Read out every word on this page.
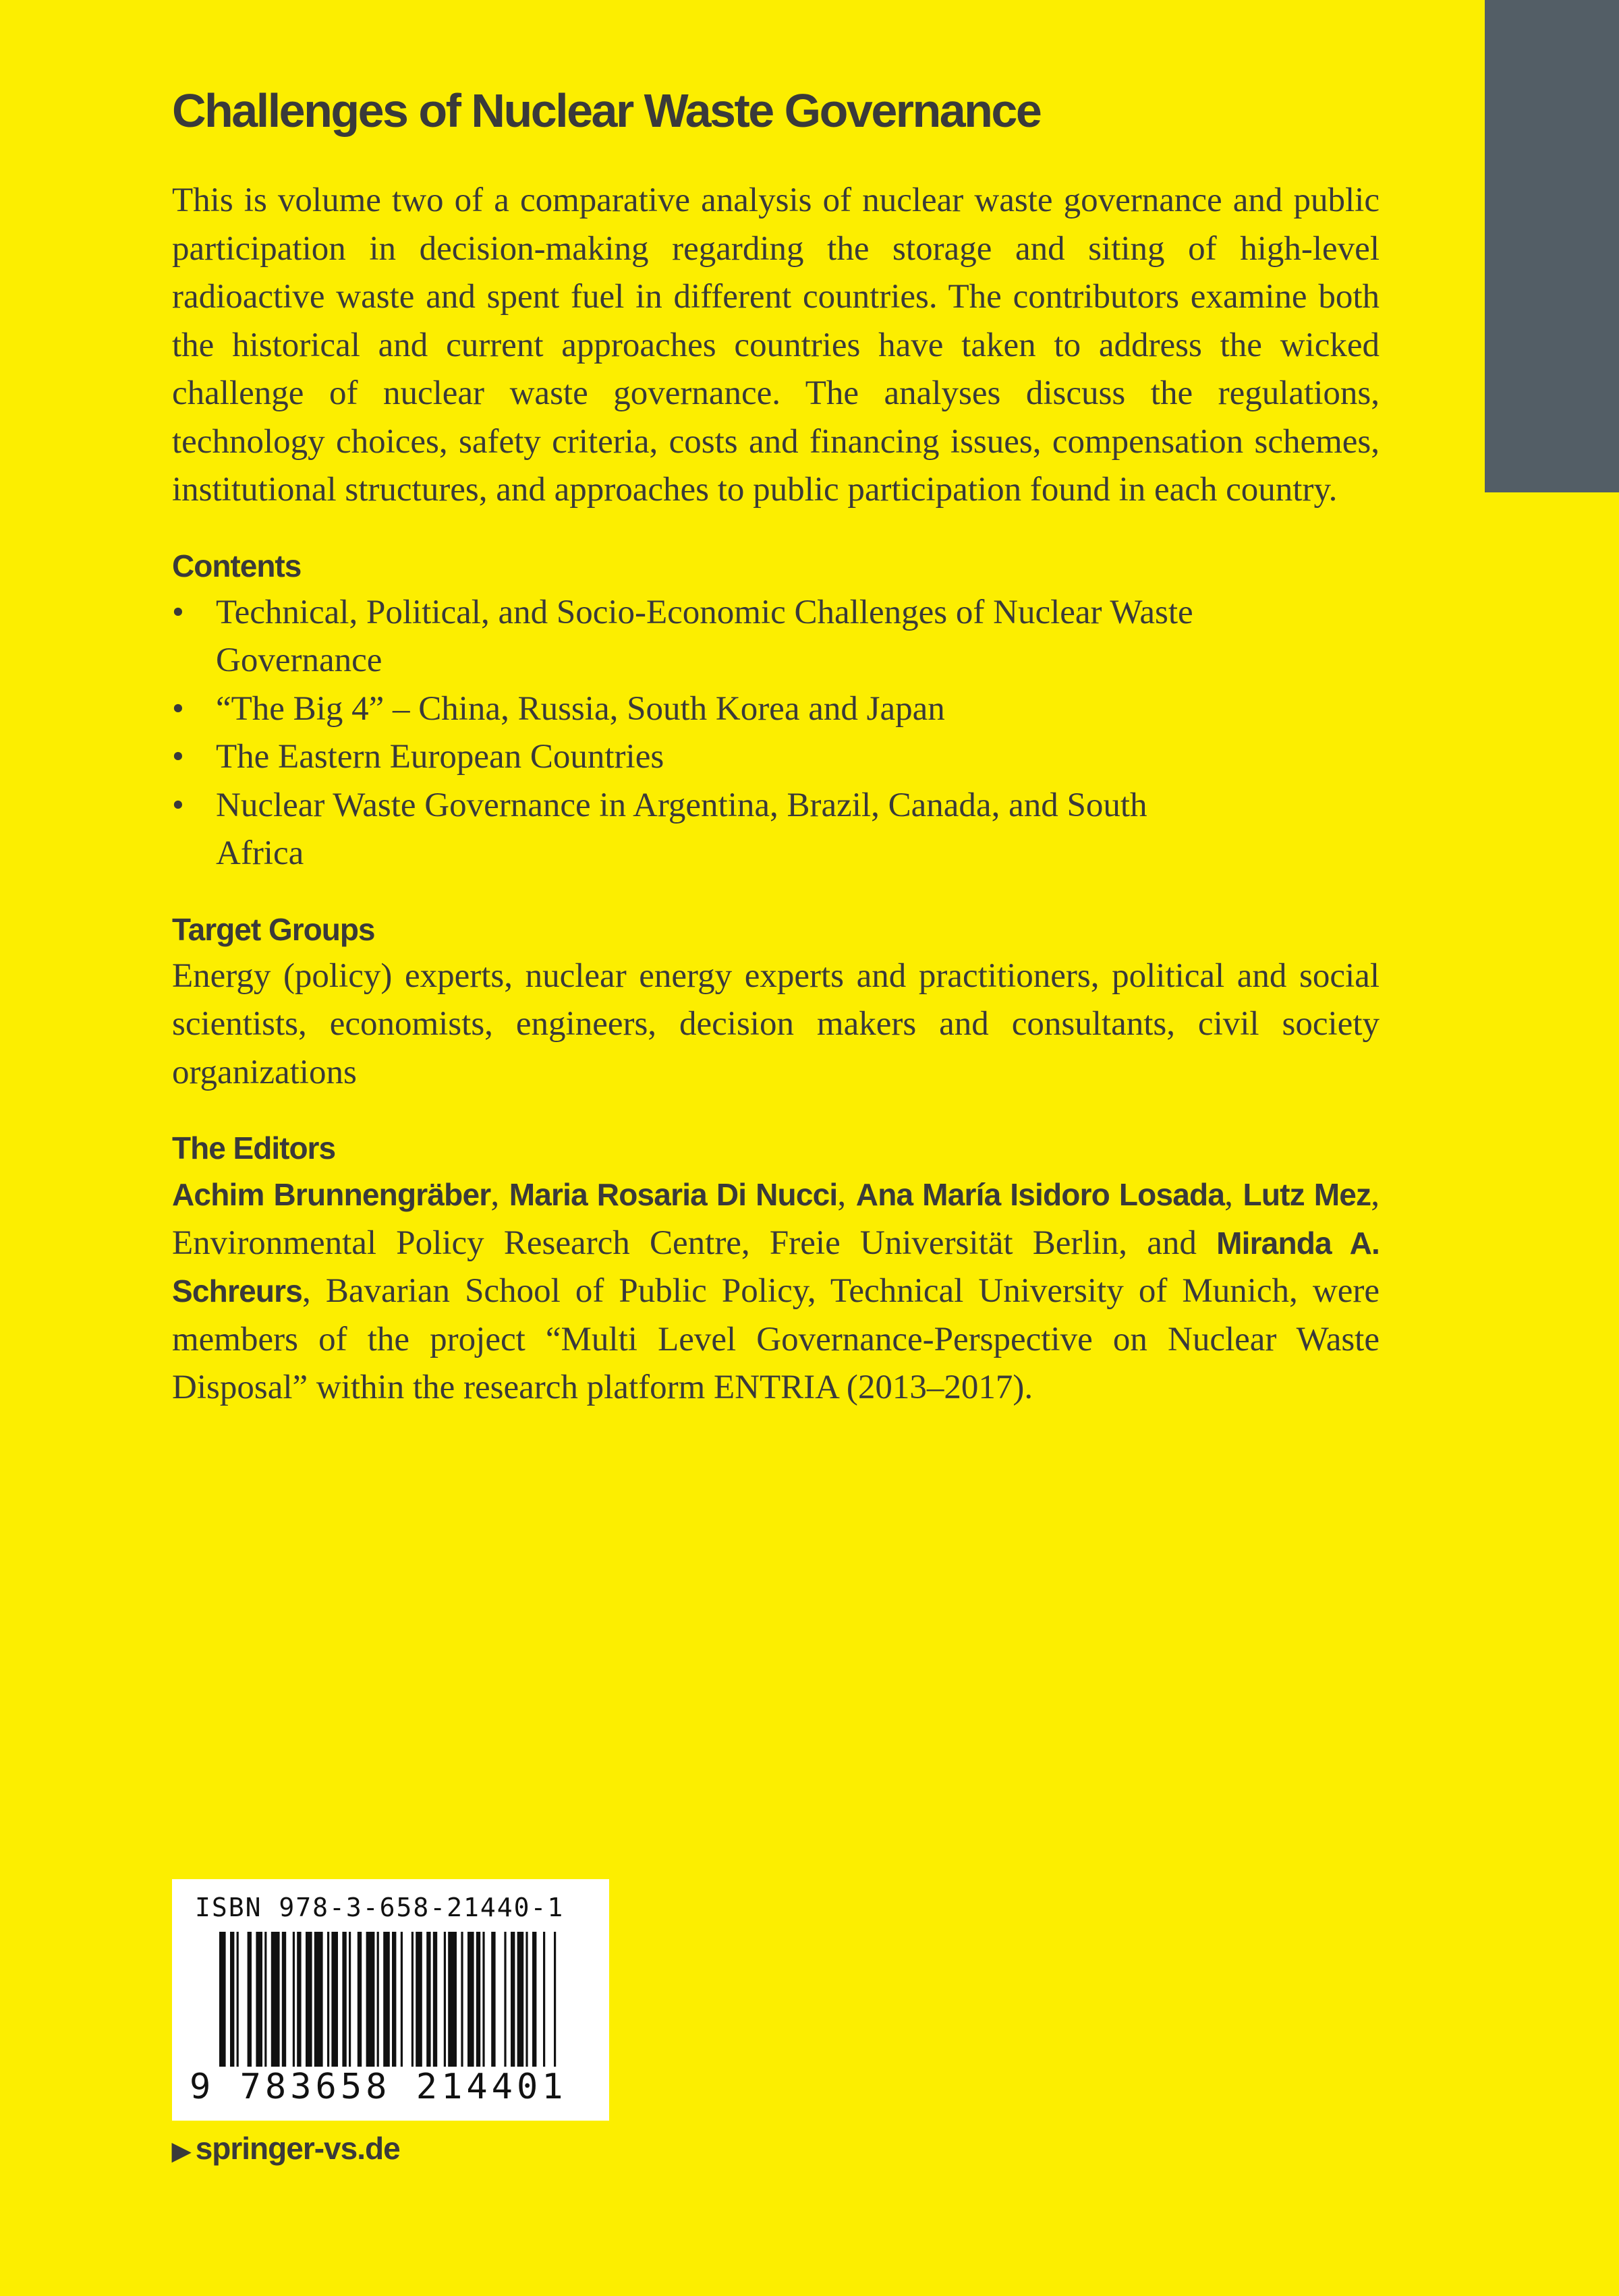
Challenges of Nuclear Waste Governance

This is volume two of a comparative analysis of nuclear waste governance and public participation in decision-making regarding the storage and siting of high-level radioactive waste and spent fuel in different countries. The contributors examine both the historical and current approaches countries have taken to address the wicked challenge of nuclear waste governance. The analyses discuss the regulations, technology choices, safety criteria, costs and financing issues, compensation schemes, institutional structures, and approaches to public participation found in each country.

Contents

• Technical, Political, and Socio-Economic Challenges of Nuclear Waste Governance
• “The Big 4” – China, Russia, South Korea and Japan
• The Eastern European Countries
• Nuclear Waste Governance in Argentina, Brazil, Canada, and South Africa

Target Groups

Energy (policy) experts, nuclear energy experts and practitioners, political and social scientists, economists, engineers, decision makers and consultants, civil society organizations

The Editors

Achim Brunnengräber, Maria Rosaria Di Nucci, Ana María Isidoro Losada, Lutz Mez, Environmental Policy Research Centre, Freie Universität Berlin, and Miranda A. Schreurs, Bavarian School of Public Policy, Technical University of Munich, were members of the project “Multi Level Governance-Perspective on Nuclear Waste Disposal” within the research platform ENTRIA (2013–2017).

ISBN 978-3-658-21440-1

9 783658 214401

▶ springer-vs.de
